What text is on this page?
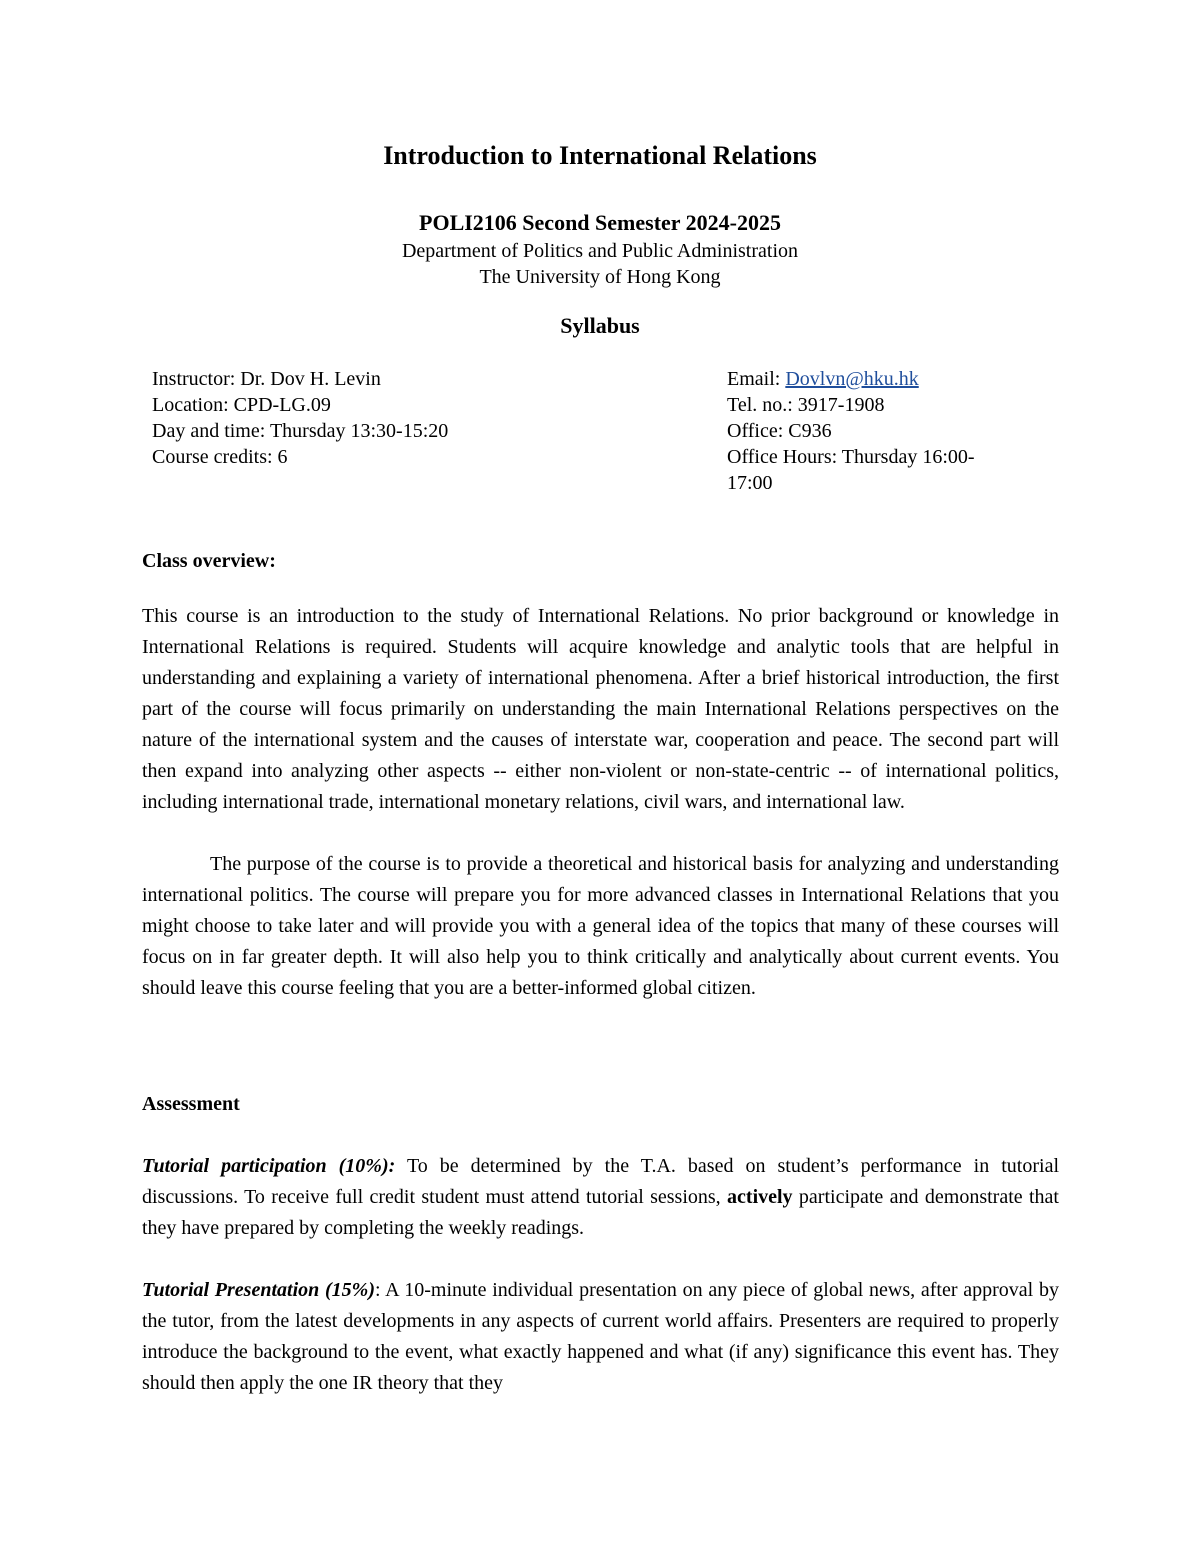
Introduction to International Relations
POLI2106 Second Semester 2024-2025
Department of Politics and Public Administration
The University of Hong Kong
Syllabus
Instructor: Dr. Dov H. Levin
Location: CPD-LG.09
Day and time: Thursday 13:30-15:20
Course credits: 6
Email: Dovlvn@hku.hk
Tel. no.: 3917-1908
Office: C936
Office Hours: Thursday 16:00-
17:00
Class overview:

This course is an introduction to the study of International Relations. No prior background or knowledge in International Relations is required. Students will acquire knowledge and analytic tools that are helpful in understanding and explaining a variety of international phenomena. After a brief historical introduction, the first part of the course will focus primarily on understanding the main International Relations perspectives on the nature of the international system and the causes of interstate war, cooperation and peace. The second part will then expand into analyzing other aspects -- either non-violent or non-state-centric -- of international politics, including international trade, international monetary relations, civil wars, and international law.

The purpose of the course is to provide a theoretical and historical basis for analyzing and understanding international politics. The course will prepare you for more advanced classes in International Relations that you might choose to take later and will provide you with a general idea of the topics that many of these courses will focus on in far greater depth. It will also help you to think critically and analytically about current events. You should leave this course feeling that you are a better-informed global citizen.

Assessment

Tutorial participation (10%): To be determined by the T.A. based on student’s performance in tutorial discussions. To receive full credit student must attend tutorial sessions, actively participate and demonstrate that they have prepared by completing the weekly readings.

Tutorial Presentation (15%): A 10-minute individual presentation on any piece of global news, after approval by the tutor, from the latest developments in any aspects of current world affairs. Presenters are required to properly introduce the background to the event, what exactly happened and what (if any) significance this event has. They should then apply the one IR theory that they
